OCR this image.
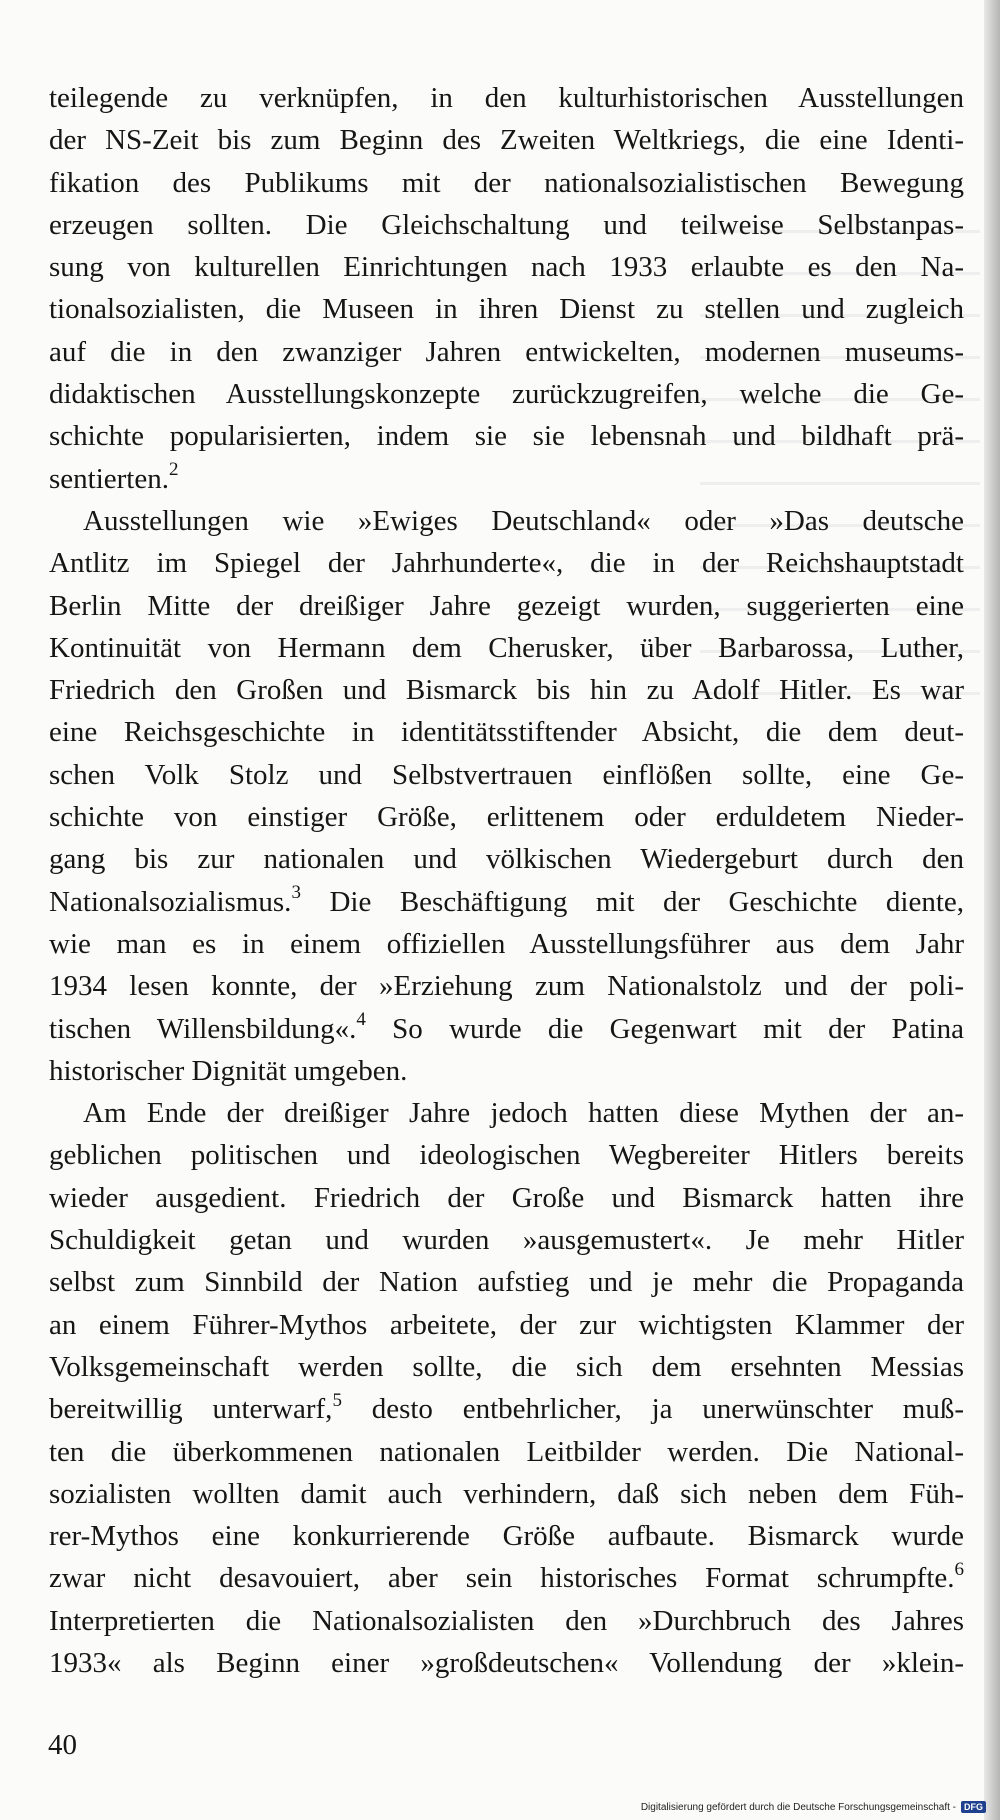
teilegende zu verknüpfen, in den kulturhistorischen Ausstellungen
der NS-Zeit bis zum Beginn des Zweiten Weltkriegs, die eine Identi-
fikation des Publikums mit der nationalsozialistischen Bewegung
erzeugen sollten. Die Gleichschaltung und teilweise Selbstanpas-
sung von kulturellen Einrichtungen nach 1933 erlaubte es den Na-
tionalsozialisten, die Museen in ihren Dienst zu stellen und zugleich
auf die in den zwanziger Jahren entwickelten, modernen museums-
didaktischen Ausstellungskonzepte zurückzugreifen, welche die Ge-
schichte popularisierten, indem sie sie lebensnah und bildhaft prä-
sentierten.$^2$
Ausstellungen wie »Ewiges Deutschland« oder »Das deutsche
Antlitz im Spiegel der Jahrhunderte«, die in der Reichshauptstadt
Berlin Mitte der dreißiger Jahre gezeigt wurden, suggerierten eine
Kontinuität von Hermann dem Cherusker, über Barbarossa, Luther,
Friedrich den Großen und Bismarck bis hin zu Adolf Hitler. Es war
eine Reichsgeschichte in identitätsstiftender Absicht, die dem deut-
schen Volk Stolz und Selbstvertrauen einflößen sollte, eine Ge-
schichte von einstiger Größe, erlittenem oder erduldetem Nieder-
gang bis zur nationalen und völkischen Wiedergeburt durch den
Nationalsozialismus.$^3$ Die Beschäftigung mit der Geschichte diente,
wie man es in einem offiziellen Ausstellungsführer aus dem Jahr
1934 lesen konnte, der »Erziehung zum Nationalstolz und der poli-
tischen Willensbildung«.$^4$ So wurde die Gegenwart mit der Patina
historischer Dignität umgeben.
Am Ende der dreißiger Jahre jedoch hatten diese Mythen der an-
geblichen politischen und ideologischen Wegbereiter Hitlers bereits
wieder ausgedient. Friedrich der Große und Bismarck hatten ihre
Schuldigkeit getan und wurden »ausgemustert«. Je mehr Hitler
selbst zum Sinnbild der Nation aufstieg und je mehr die Propaganda
an einem Führer-Mythos arbeitete, der zur wichtigsten Klammer der
Volksgemeinschaft werden sollte, die sich dem ersehnten Messias
bereitwillig unterwarf,$^5$ desto entbehrlicher, ja unerwünschter muß-
ten die überkommenen nationalen Leitbilder werden. Die National-
sozialisten wollten damit auch verhindern, daß sich neben dem Füh-
rer-Mythos eine konkurrierende Größe aufbaute. Bismarck wurde
zwar nicht desavouiert, aber sein historisches Format schrumpfte.$^6$
Interpretierten die Nationalsozialisten den »Durchbruch des Jahres
1933« als Beginn einer »großdeutschen« Vollendung der »klein-
40
Digitalisierung gefördert durch die Deutsche Forschungsgemeinschaft - DFG
